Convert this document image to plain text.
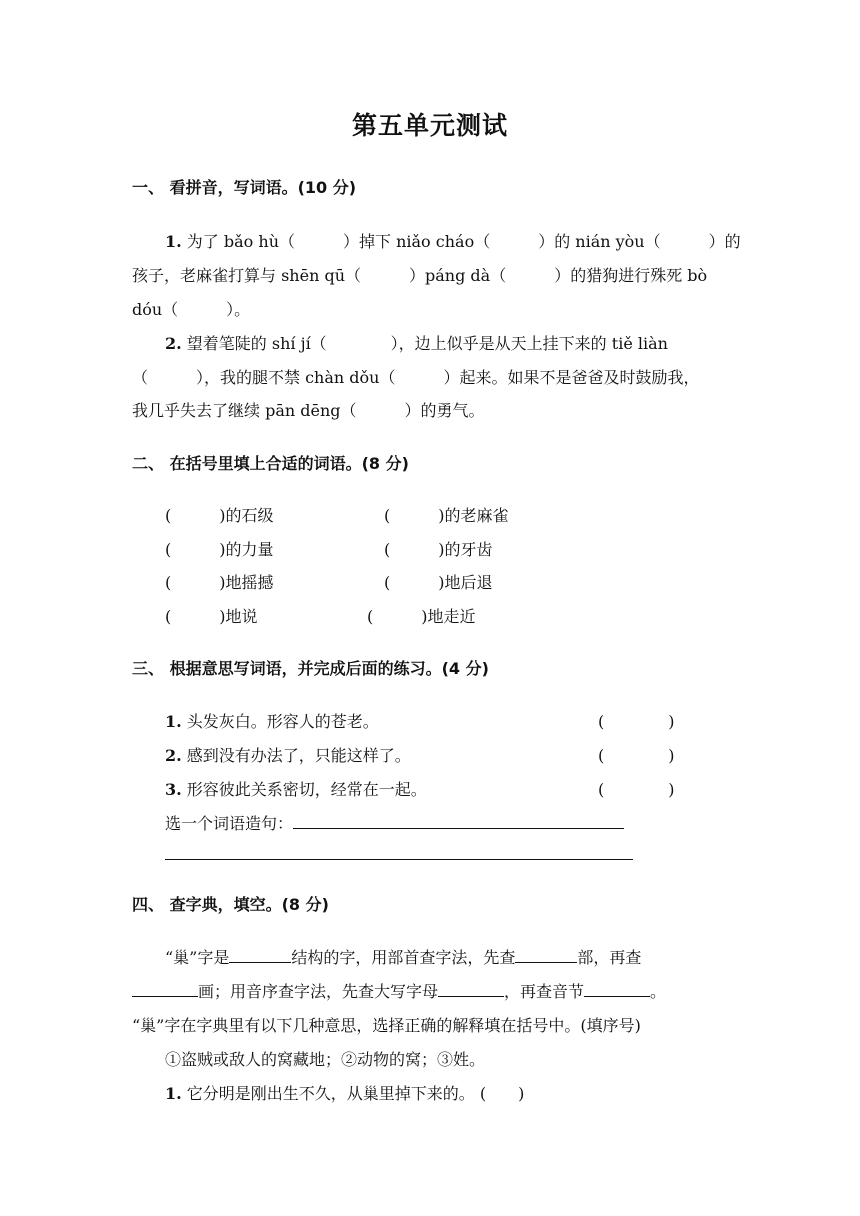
第五单元测试
一、 看拼音，写词语。(10 分)
1. 为了 bǎo hù（　　　）掉下 niǎo cháo（　　　）的 nián yòu（　　　）的
孩子，老麻雀打算与 shēn qū（　　　）páng dà（　　　）的猎狗进行殊死 bò
dóu（　　　）。
2. 望着笔陡的 shí jí（　　　　），边上似乎是从天上挂下来的 tiě liàn
（　　　），我的腿不禁 chàn dǒu（　　　）起来。如果不是爸爸及时鼓励我，
我几乎失去了继续 pān dēng（　　　）的勇气。
二、 在括号里填上合适的词语。(8 分)
(　　　)的石级	(　　　)的老麻雀
(　　　)的力量	(　　　)的牙齿
(　　　)地摇撼	(　　　)地后退
(　　　)地说	(　　　)地走近
三、 根据意思写词语，并完成后面的练习。(4 分)
1. 头发灰白。形容人的苍老。	(　　　　)
2. 感到没有办法了，只能这样了。	(　　　　)
3. 形容彼此关系密切，经常在一起。	(　　　　)
选一个词语造句：
四、 查字典，填空。(8 分)
“巢”字是	结构的字，用部首查字法，先查	部，再查
画；用音序查字法，先查大写字母	，再查音节	。
“巢”字在字典里有以下几种意思，选择正确的解释填在括号中。(填序号)
①盗贼或敌人的窝藏地；②动物的窝；③姓。
1. 它分明是刚出生不久，从巢里掉下来的。 (　　)
